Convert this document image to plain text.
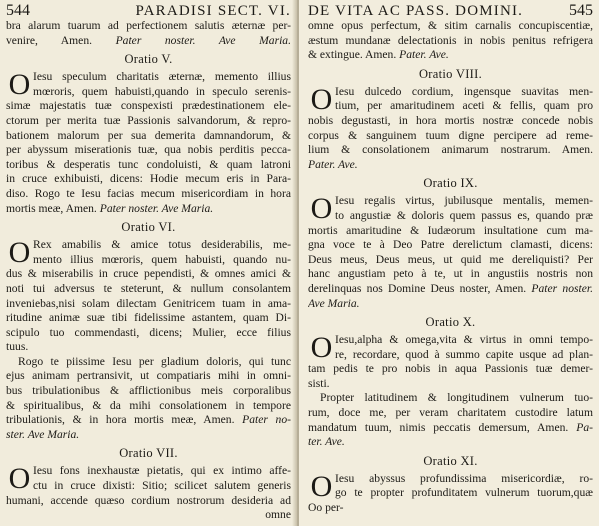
544	PARADISI SECT. VI.
bra alarum tuarum ad perfectionem salutis æternæ per-
venire, Amen. Pater noster. Ave Maria.
Oratio V.
O Iesu speculum charitatis æternæ, memento illius
mœroris, quem habuisti,quando in speculo serenis-
simæ majestatis tuæ conspexisti prædestinationem ele-
ctorum per merita tuæ Passionis salvandorum, & repro-
bationem malorum per sua demerita damnandorum, &
per abyssum miserationis tuæ, qua nobis perditis pecca-
toribus & desperatis tunc condoluisti, & quam latroni
in cruce exhibuisti, dicens: Hodie mecum eris in Para-
diso. Rogo te Iesu facias mecum misericordiam in hora
mortis meæ, Amen. Pater noster. Ave Maria.
Oratio VI.
O Rex amabilis & amice totus desiderabilis, me-
mento illius mœroris, quem habuisti, quando nu-
dus & miserabilis in cruce pependisti, & omnes amici &
noti tui adversus te steterunt, & nullum consolantem
inveniebas,nisi solam dilectam Genitricem tuam in ama-
ritudine animæ suæ tibi fidelissime astantem, quam Di-
scipulo tuo commendasti, dicens; Mulier, ecce filius
tuus.
Rogo te piissime Iesu per gladium doloris, qui tunc
ejus animam pertransivit, ut compatiaris mihi in omni-
bus tribulationibus & afflictionibus meis corporalibus
& spiritualibus, & da mihi consolationem in tempore
tribulationis, & in hora mortis meæ, Amen. Pater no-
ster. Ave Maria.
Oratio VII.
O Iesu fons inexhaustæ pietatis, qui ex intimo affe-
ctu in cruce dixisti: Sitio; scilicet salutem generis
humani, accende quæso cordium nostrorum desideria ad
omne
DE VITA AC PASS. DOMINI.	545
omne opus perfectum, & sitim carnalis concupiscentiæ,
æstum mundanæ delectationis in nobis penitus refrigera
& extingue. Amen. Pater. Ave.
Oratio VIII.
O Iesu dulcedo cordium, ingensque suavitas men-
tium, per amaritudinem aceti & fellis, quam pro
nobis degustasti, in hora mortis nostræ concede nobis
corpus & sanguinem tuum digne percipere ad reme-
lium & consolationem animarum nostrarum. Amen.
Pater. Ave.
Oratio IX.
O Iesu regalis virtus, jubilusque mentalis, memen-
to angustiæ & doloris quem passus es, quando præ
mortis amaritudine & Iudæorum insultatione cum ma-
gna voce te à Deo Patre derelictum clamasti, dicens:
Deus meus, Deus meus, ut quid me dereliquisti? Per
hanc angustiam peto à te, ut in angustiis nostris non
derelinquas nos Domine Deus noster, Amen. Pater noster.
Ave Maria.
Oratio X.
O Iesu,alpha & omega,vita & virtus in omni tempo-
re, recordare, quod à summo capite usque ad plan-
tam pedis te pro nobis in aqua Passionis tuæ demer-
sisti.
Propter latitudinem & longitudinem vulnerum tuo-
rum, doce me, per veram charitatem custodire latum
mandatum tuum, nimis peccatis demersum, Amen. Pa-
ter. Ave.
Oratio XI.
O Iesu abyssus profundissima misericordiæ, ro-
go te propter profunditatem vulnerum tuorum,quæ
Oo per-
